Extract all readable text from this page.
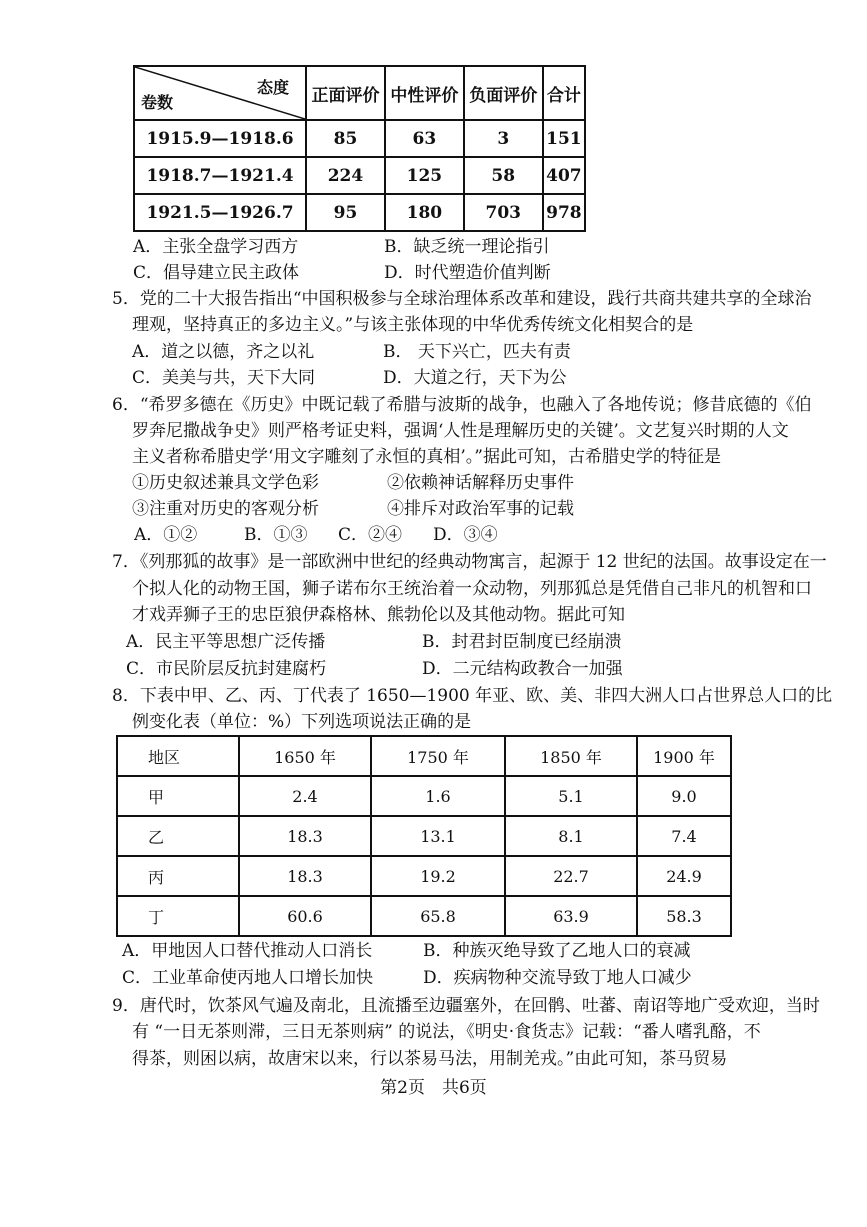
态度
卷数	正面评价	中性评价	负面评价	合计
1915.9—1918.6	85	63	3	151
1918.7—1921.4	224	125	58	407
1921.5—1926.7	95	180	703	978
A．主张全盘学习西方	B．缺乏统一理论指引
C．倡导建立民主政体	D．时代塑造价值判断
5．党的二十大报告指出“中国积极参与全球治理体系改革和建设，践行共商共建共享的全球治
理观，坚持真正的多边主义。”与该主张体现的中华优秀传统文化相契合的是
A．道之以德，齐之以礼	B． 天下兴亡，匹夫有责
C．美美与共，天下大同	D．大道之行，天下为公
6．“希罗多德在《历史》中既记载了希腊与波斯的战争，也融入了各地传说；修昔底德的《伯
罗奔尼撒战争史》则严格考证史料，强调‘人性是理解历史的关键’。文艺复兴时期的人文
主义者称希腊史学‘用文字雕刻了永恒的真相’。”据此可知，古希腊史学的特征是
①历史叙述兼具文学色彩	②依赖神话解释历史事件
③注重对历史的客观分析	④排斥对政治军事的记载
A．①②	B．①③ C．②④ D．③④
7．《列那狐的故事》是一部欧洲中世纪的经典动物寓言，起源于 12 世纪的法国。故事设定在一
个拟人化的动物王国，狮子诺布尔王统治着一众动物，列那狐总是凭借自己非凡的机智和口
才戏弄狮子王的忠臣狼伊森格林、熊勃伦以及其他动物。据此可知
A．民主平等思想广泛传播	B．封君封臣制度已经崩溃
C．市民阶层反抗封建腐朽	D．二元结构政教合一加强
8．下表中甲、乙、丙、丁代表了 1650—1900 年亚、欧、美、非四大洲人口占世界总人口的比
例变化表（单位：%）下列选项说法正确的是
地区	1650 年	1750 年	1850 年	1900 年
甲	2.4	1.6	5.1	9.0
乙	18.3	13.1	8.1	7.4
丙	18.3	19.2	22.7	24.9
丁	60.6	65.8	63.9	58.3
A．甲地因人口替代推动人口消长	B．种族灭绝导致了乙地人口的衰减
C．工业革命使丙地人口增长加快	D．疾病物种交流导致丁地人口减少
9．唐代时，饮茶风气遍及南北，且流播至边疆塞外，在回鹘、吐蕃、南诏等地广受欢迎，当时
有 “一日无茶则滞，三日无茶则病” 的说法，《明史·食货志》记载：“番人嗜乳酪，不
得茶，则困以病，故唐宋以来，行以茶易马法，用制羌戎。”由此可知，茶马贸易
第2页　共6页
